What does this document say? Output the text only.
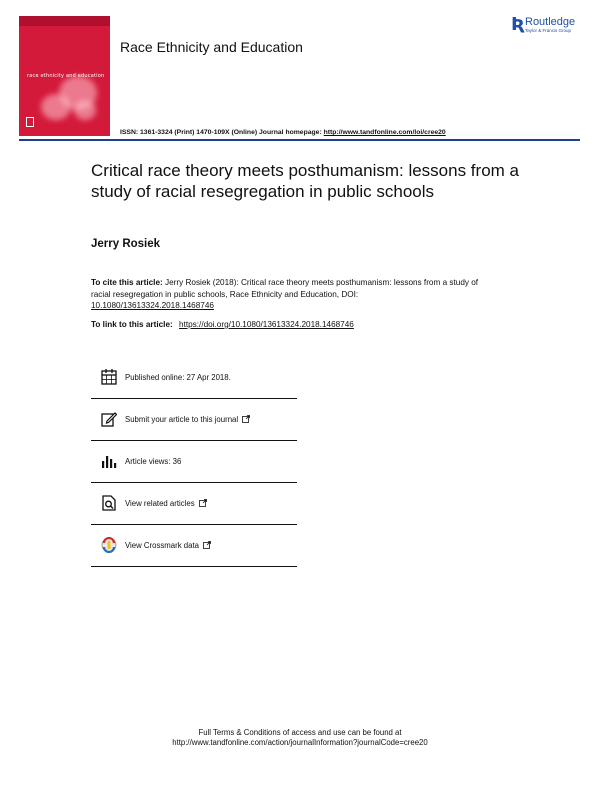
race ethnicity and education
Race Ethnicity and Education
Ʀ Routledge
Taylor & Francis Group
ISSN: 1361-3324 (Print) 1470-109X (Online) Journal homepage: http://www.tandfonline.com/loi/cree20
Critical race theory meets posthumanism: lessons from a study of racial resegregation in public schools
Jerry Rosiek
To cite this article: Jerry Rosiek (2018): Critical race theory meets posthumanism: lessons from a study of racial resegregation in public schools, Race Ethnicity and Education, DOI:
10.1080/13613324.2018.1468746
To link to this article: https://doi.org/10.1080/13613324.2018.1468746
Published online: 27 Apr 2018.
Submit your article to this journal
Article views: 36
View related articles
View Crossmark data
Full Terms & Conditions of access and use can be found at
http://www.tandfonline.com/action/journalInformation?journalCode=cree20
